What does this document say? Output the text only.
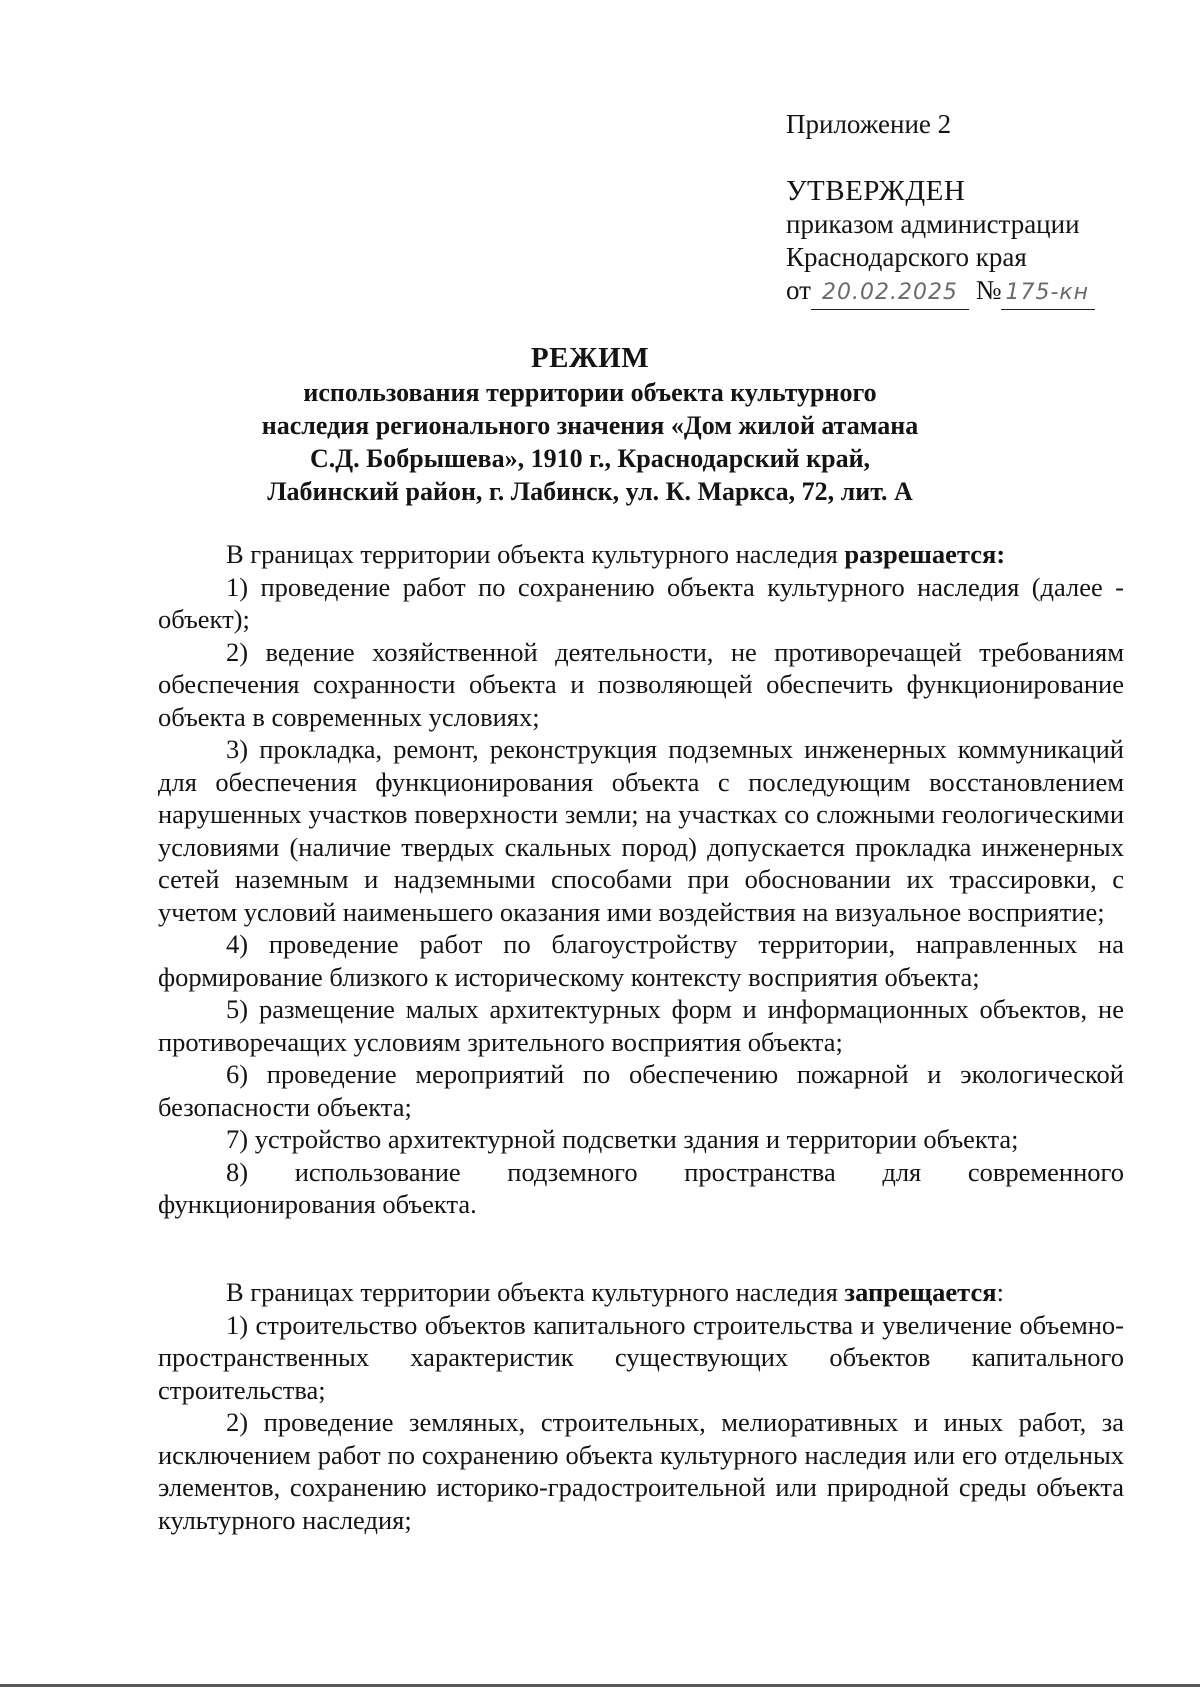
Приложение 2
УТВЕРЖДЕН
приказом администрации
Краснодарского края
от 20.02.2025 № 175-кн
РЕЖИМ
использования территории объекта культурного
наследия регионального значения «Дом жилой атамана
С.Д. Бобрышева», 1910 г., Краснодарский край,
Лабинский район, г. Лабинск, ул. К. Маркса, 72, лит. А

В границах территории объекта культурного наследия разрешается:

1) проведение работ по сохранению объекта культурного наследия (далее - объект);

2) ведение хозяйственной деятельности, не противоречащей требованиям обеспечения сохранности объекта и позволяющей обеспечить функционирование объекта в современных условиях;

3) прокладка, ремонт, реконструкция подземных инженерных коммуникаций для обеспечения функционирования объекта с последующим восстановлением нарушенных участков поверхности земли; на участках со сложными геологическими условиями (наличие твердых скальных пород) допускается прокладка инженерных сетей наземным и надземными способами при обосновании их трассировки, с учетом условий наименьшего оказания ими воздействия на визуальное восприятие;

4) проведение работ по благоустройству территории, направленных на формирование близкого к историческому контексту восприятия объекта;

5) размещение малых архитектурных форм и информационных объектов, не противоречащих условиям зрительного восприятия объекта;

6) проведение мероприятий по обеспечению пожарной и экологической безопасности объекта;

7) устройство архитектурной подсветки здания и территории объекта;

8) использование подземного пространства для современного функционирования объекта.

В границах территории объекта культурного наследия запрещается:

1) строительство объектов капитального строительства и увеличение объемно-пространственных характеристик существующих объектов капитального строительства;

2) проведение земляных, строительных, мелиоративных и иных работ, за исключением работ по сохранению объекта культурного наследия или его отдельных элементов, сохранению историко-градостроительной или природной среды объекта культурного наследия;
